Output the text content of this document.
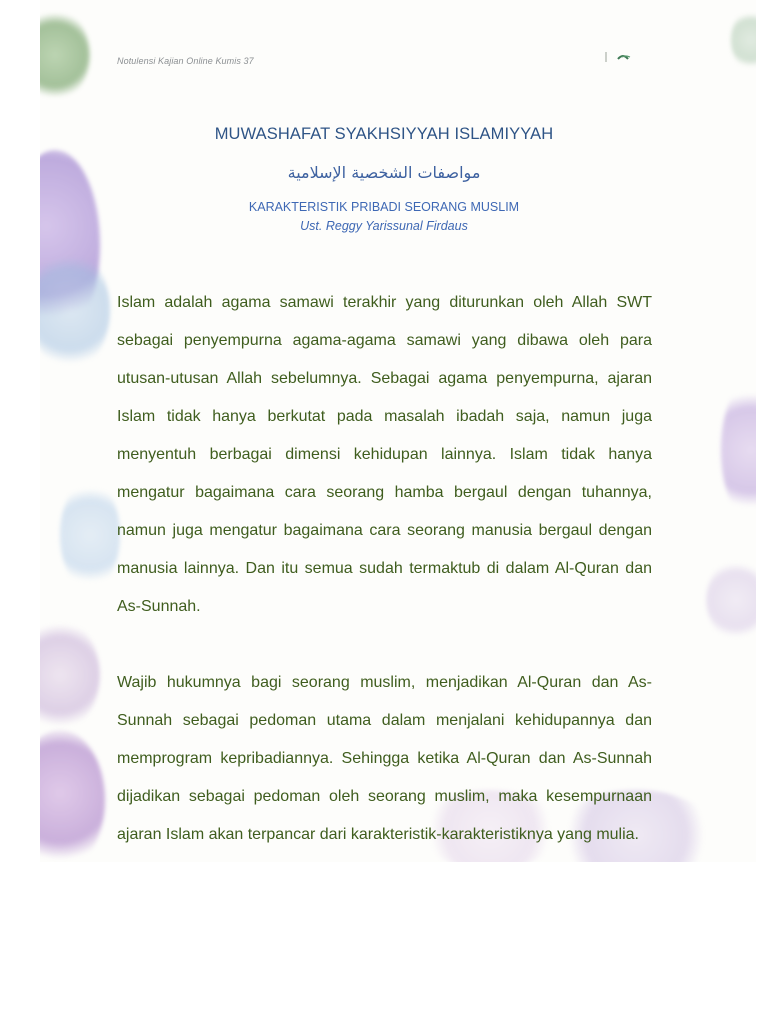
Notulensi Kajian Online Kumis 37
MUWASHAFAT SYAKHSIYYAH ISLAMIYYAH
مواصفات الشخصية الإسلامية
KARAKTERISTIK PRIBADI SEORANG MUSLIM
Ust. Reggy Yarissunal Firdaus

Islam adalah agama samawi terakhir yang diturunkan oleh Allah SWT sebagai penyempurna agama-agama samawi yang dibawa oleh para utusan-utusan Allah sebelumnya. Sebagai agama penyempurna, ajaran Islam tidak hanya berkutat pada masalah ibadah saja, namun juga menyentuh berbagai dimensi kehidupan lainnya. Islam tidak hanya mengatur bagaimana cara seorang hamba bergaul dengan tuhannya, namun juga mengatur bagaimana cara seorang manusia bergaul dengan manusia lainnya. Dan itu semua sudah termaktub di dalam Al-Quran dan As-Sunnah.

Wajib hukumnya bagi seorang muslim, menjadikan Al-Quran dan As-Sunnah sebagai pedoman utama dalam menjalani kehidupannya dan memprogram kepribadiannya. Sehingga ketika Al-Quran dan As-Sunnah dijadikan sebagai pedoman oleh seorang muslim, maka kesempurnaan ajaran Islam akan terpancar dari karakteristik-karakteristiknya yang mulia.
